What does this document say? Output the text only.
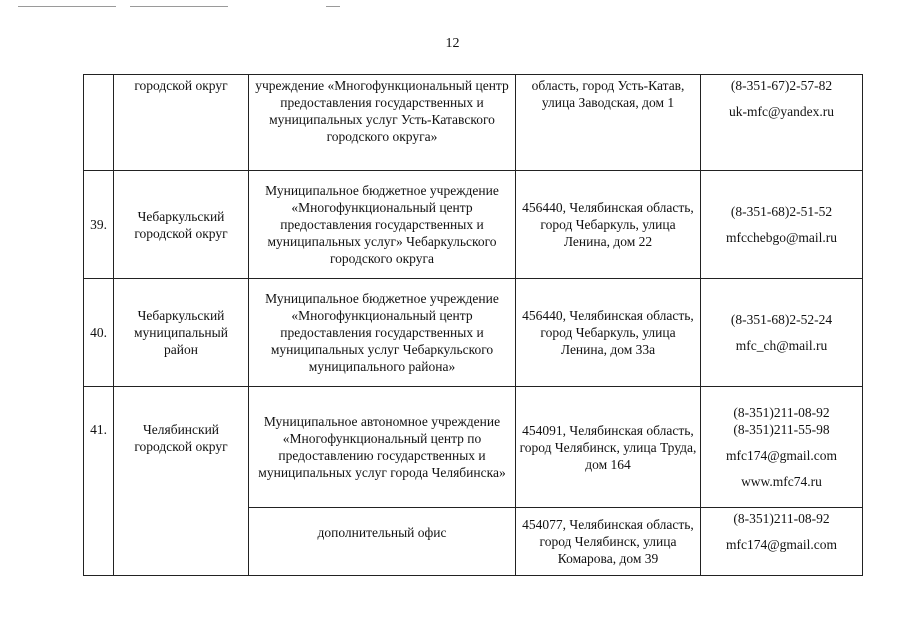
12
	городской округ	учреждение «Многофункциональный центр предоставления государственных и муниципальных услуг Усть-Катавского городского округа»	область, город Усть-Катав, улица Заводская, дом 1	(8-351-67)2-57-82
uk-mfc@yandex.ru

39.	Чебаркульский городской округ	Муниципальное бюджетное учреждение «Многофункциональный центр предоставления государственных и муниципальных услуг» Чебаркульского городского округа	456440, Челябинская область, город Чебаркуль, улица Ленина, дом 22	(8-351-68)2-51-52
mfcchebgo@mail.ru

40.	Чебаркульский муниципальный район	Муниципальное бюджетное учреждение «Многофункциональный центр предоставления государственных и муниципальных услуг Чебаркульского муниципального района»	456440, Челябинская область, город Чебаркуль, улица Ленина, дом 33а	(8-351-68)2-52-24
mfc_ch@mail.ru

41.	Челябинский городской округ	Муниципальное автономное учреждение «Многофункциональный центр по предоставлению государственных и муниципальных услуг города Челябинска»	454091, Челябинская область, город Челябинск, улица Труда, дом 164	(8-351)211-08-92
(8-351)211-55-98
mfc174@gmail.com
www.mfc74.ru

		дополнительный офис	454077, Челябинская область, город Челябинск, улица Комарова, дом 39	(8-351)211-08-92
mfc174@gmail.com
